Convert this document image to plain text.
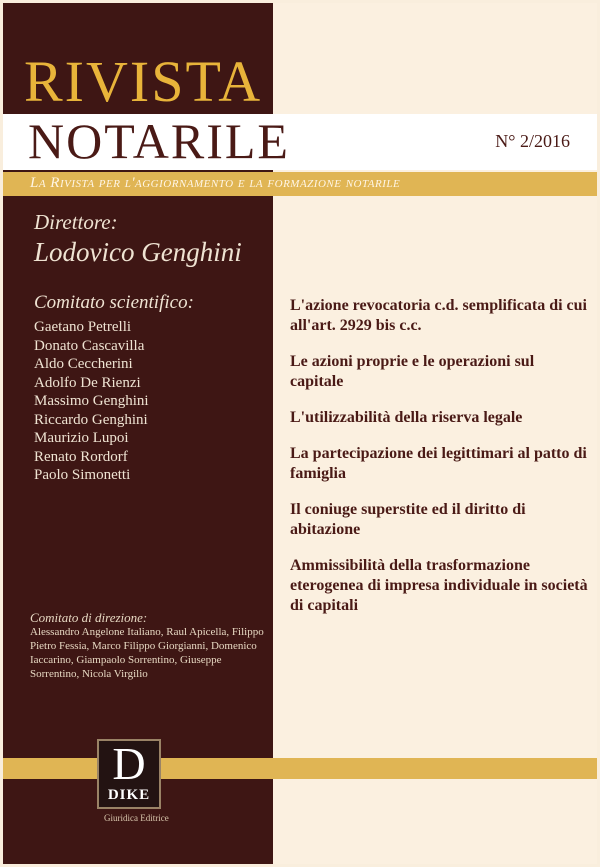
RIVISTA
NOTARILE	N° 2/2016
La Rivista per l'aggiornamento e la formazione notarile
Direttore:
Lodovico Genghini
Comitato scientifico:
Gaetano Petrelli
Donato Cascavilla
Aldo Ceccherini
Adolfo De Rienzi
Massimo Genghini
Riccardo Genghini
Maurizio Lupoi
Renato Rordorf
Paolo Simonetti
Comitato di direzione:

Alessandro Angelone Italiano, Raul Apicella, Filippo Pietro Fessia, Marco Filippo Giorgianni, Domenico Iaccarino, Giampaolo Sorrentino, Giuseppe Sorrentino, Nicola Virgilio

L'azione revocatoria c.d. semplificata di cui all'art. 2929 bis c.c.
Le azioni proprie e le operazioni sul capitale
L'utilizzabilità della riserva legale
La partecipazione dei legittimari al patto di famiglia
Il coniuge superstite ed il diritto di abitazione
Ammissibilità della trasformazione eterogenea di impresa individuale in società di capitali
D
DIKE
Giuridica Editrice
